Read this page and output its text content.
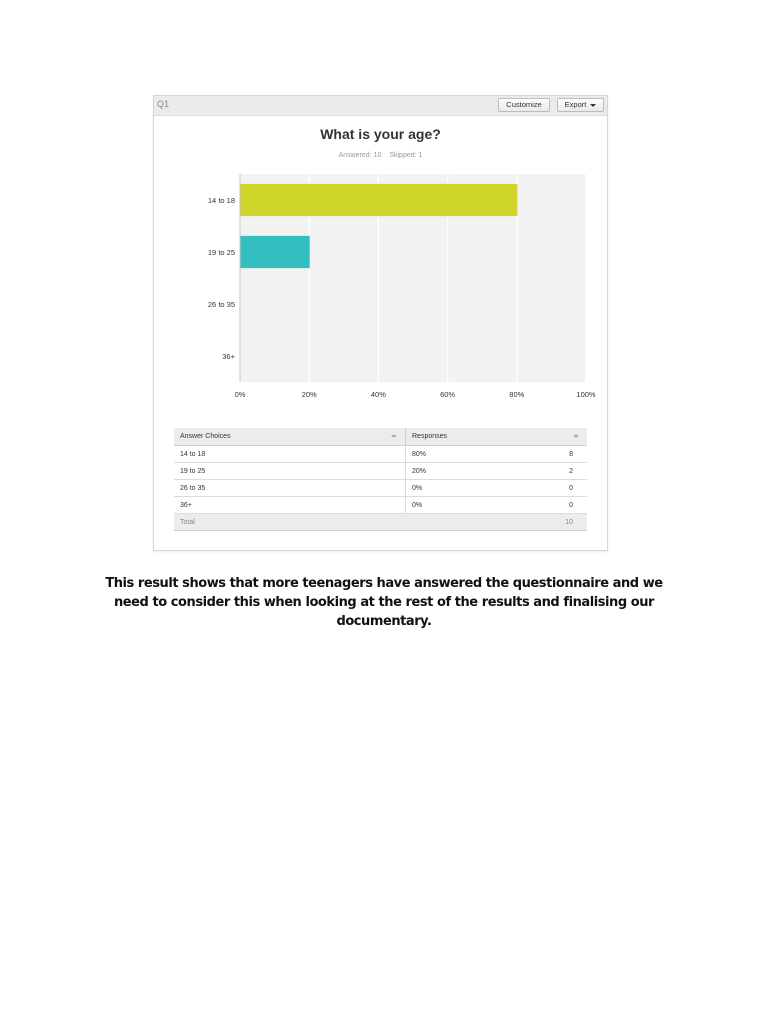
Q1	Customize	Export
What is your age?
Answered: 10 Skipped: 1
0%	20%	40%	60%	80%	100%
14 to 18
19 to 25
26 to 35
36+
Answer Choices	Responses	

14 to 18	80%	8
19 to 25	20%	2
26 to 35	0%	0
36+	0%	0
Total		10
This result shows that more teenagers have answered the questionnaire and we need to consider this when looking at the rest of the results and finalising our documentary.
